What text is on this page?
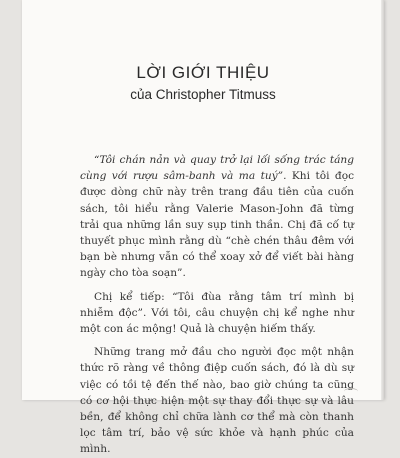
LỜI GIỚI THIỆU
của Christopher Titmuss

“Tôi chán nản và quay trở lại lối sống trác táng cùng với rượu sâm-banh và ma tuý”. Khi tôi đọc được dòng chữ này trên trang đầu tiên của cuốn sách, tôi hiểu rằng Valerie Mason-John đã từng trải qua những lần suy sụp tinh thần. Chị đã cố tự thuyết phục mình rằng dù “chè chén thâu đêm với bạn bè nhưng vẫn có thể xoay xở để viết bài hàng ngày cho tòa soạn”.

Chị kể tiếp: “Tôi đùa rằng tâm trí mình bị nhiễm độc”. Với tôi, câu chuyện chị kể nghe như một con ác mộng! Quả là chuyện hiếm thấy.

Những trang mở đầu cho người đọc một nhận thức rõ ràng về thông điệp cuốn sách, đó là dù sự việc có tồi tệ đến thế nào, bao giờ chúng ta cũng có cơ hội thực hiện một sự thay đổi thực sự và lâu bền, để không chỉ chữa lành cơ thể mà còn thanh lọc tâm trí, bảo vệ sức khỏe và hạnh phúc của mình.
